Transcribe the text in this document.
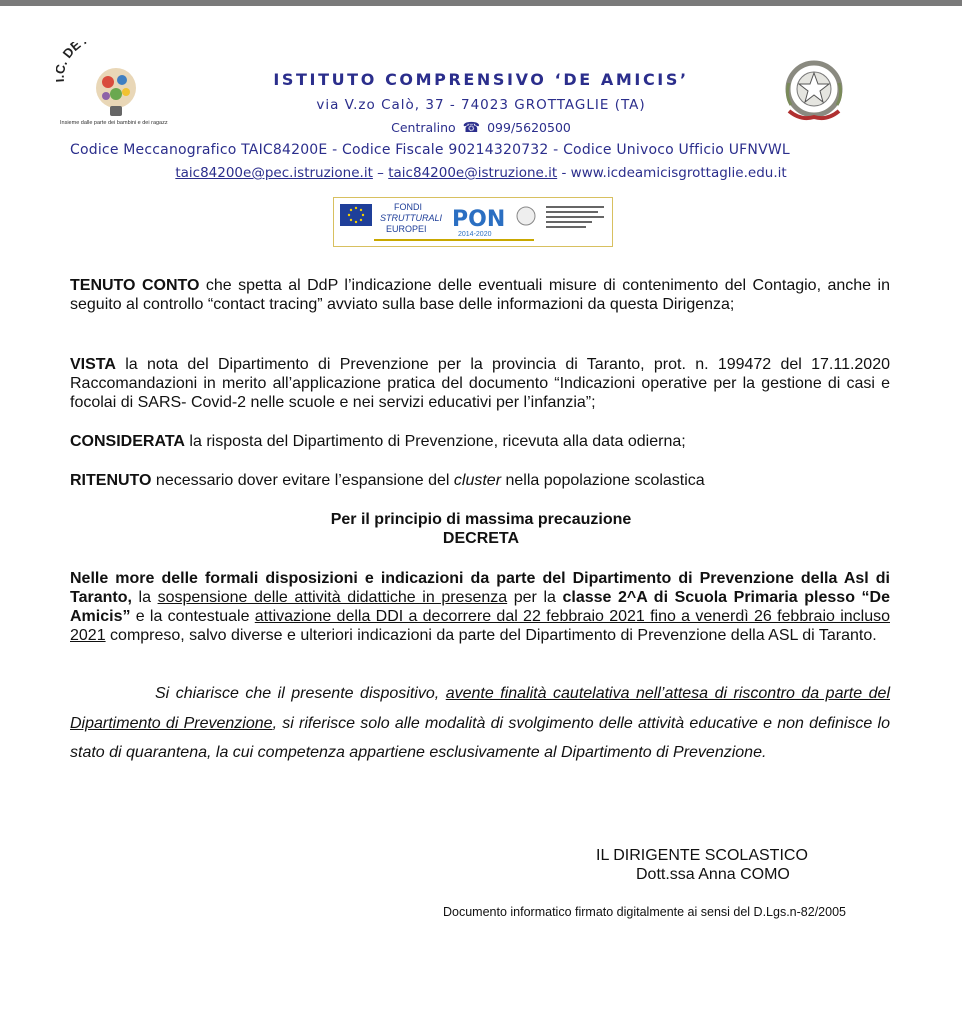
. DE
Insieme dalle parte dei bambini e dei ragazzi
ISTITUTO COMPRENSIVO ‘DE AMICIS’
via V.zo Calò, 37 - 74023 GROTTAGLIE (TA)
Centralino ☎ 099/5620500
Codice Meccanografico TAIC84200E - Codice Fiscale 90214320732 - Codice Univoco Ufficio UFNVWL
taic84200e@pec.istruzione.it – taic84200e@istruzione.it - www.icdeamicisgrottaglie.edu.it
FONDI
STRUTTURALI
EUROPEI PON
2014-2020
TENUTO CONTO che spetta al DdP l’indicazione delle eventuali misure di contenimento del Contagio, anche in seguito al controllo “contact tracing” avviato sulla base delle informazioni da questa Dirigenza;
VISTA la nota del Dipartimento di Prevenzione per la provincia di Taranto, prot. n. 199472 del 17.11.2020 Raccomandazioni in merito all’applicazione pratica del documento “Indicazioni operative per la gestione di casi e focolai di SARS- Covid-2 nelle scuole e nei servizi educativi per l’infanzia”;
CONSIDERATA la risposta del Dipartimento di Prevenzione, ricevuta alla data odierna;
RITENUTO necessario dover evitare l’espansione del cluster nella popolazione scolastica
Per il principio di massima precauzione
DECRETA
Nelle more delle formali disposizioni e indicazioni da parte del Dipartimento di Prevenzione della Asl di Taranto, la sospensione delle attività didattiche in presenza per la classe 2^A di Scuola Primaria plesso “De Amicis” e la contestuale attivazione della DDI a decorrere dal 22 febbraio 2021 fino a venerdì 26 febbraio incluso 2021 compreso, salvo diverse e ulteriori indicazioni da parte del Dipartimento di Prevenzione della ASL di Taranto.
Si chiarisce che il presente dispositivo, avente finalità cautelativa nell’attesa di riscontro da parte del Dipartimento di Prevenzione, si riferisce solo alle modalità di svolgimento delle attività educative e non definisce lo stato di quarantena, la cui competenza appartiene esclusivamente al Dipartimento di Prevenzione.
IL DIRIGENTE SCOLASTICO
Dott.ssa Anna COMO
Documento informatico firmato digitalmente ai sensi del D.Lgs.n-82/2005
